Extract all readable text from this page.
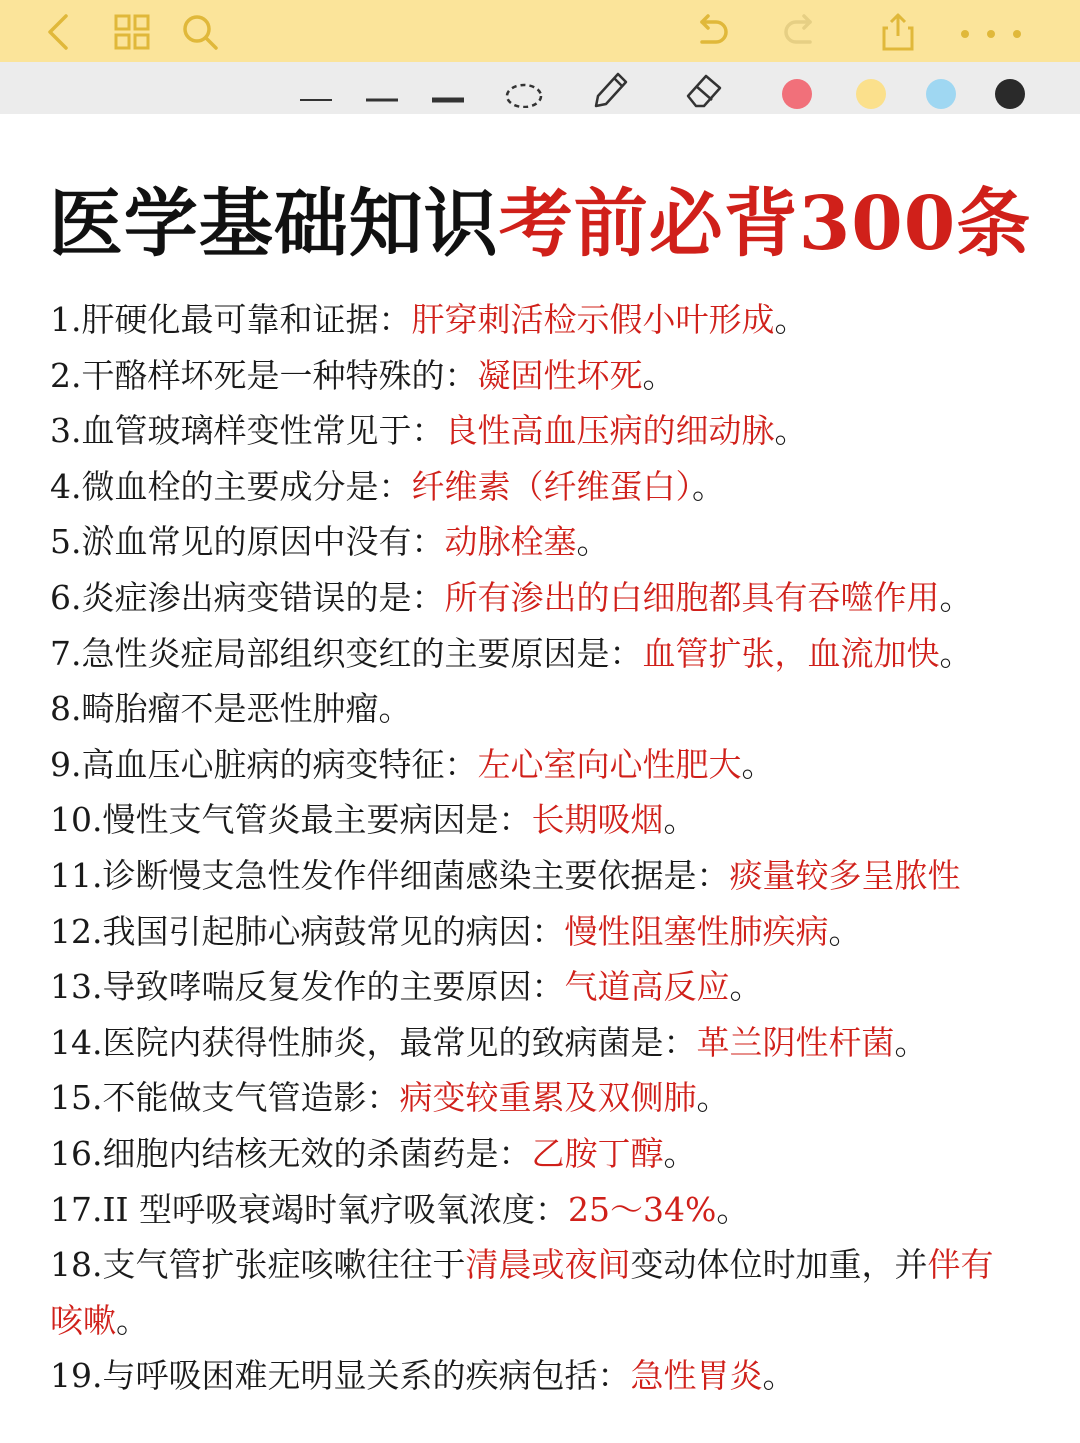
医学基础知识考前必背300条
1.肝硬化最可靠和证据：肝穿刺活检示假小叶形成。
2.干酪样坏死是一种特殊的：凝固性坏死。
3.血管玻璃样变性常见于：良性高血压病的细动脉。
4.微血栓的主要成分是：纤维素（纤维蛋白）。
5.淤血常见的原因中没有：动脉栓塞。
6.炎症渗出病变错误的是：所有渗出的白细胞都具有吞噬作用。
7.急性炎症局部组织变红的主要原因是：血管扩张，血流加快。
8.畸胎瘤不是恶性肿瘤。
9.高血压心脏病的病变特征：左心室向心性肥大。
10.慢性支气管炎最主要病因是：长期吸烟。
11.诊断慢支急性发作伴细菌感染主要依据是：痰量较多呈脓性
12.我国引起肺心病鼓常见的病因：慢性阻塞性肺疾病。
13.导致哮喘反复发作的主要原因：气道高反应。
14.医院内获得性肺炎，最常见的致病菌是：革兰阴性杆菌。
15.不能做支气管造影：病变较重累及双侧肺。
16.细胞内结核无效的杀菌药是：乙胺丁醇。
17.II 型呼吸衰竭时氧疗吸氧浓度：25～34%。
18.支气管扩张症咳嗽往往于清晨或夜间变动体位时加重，并伴有咳嗽。
19.与呼吸困难无明显关系的疾病包括：急性胃炎。
